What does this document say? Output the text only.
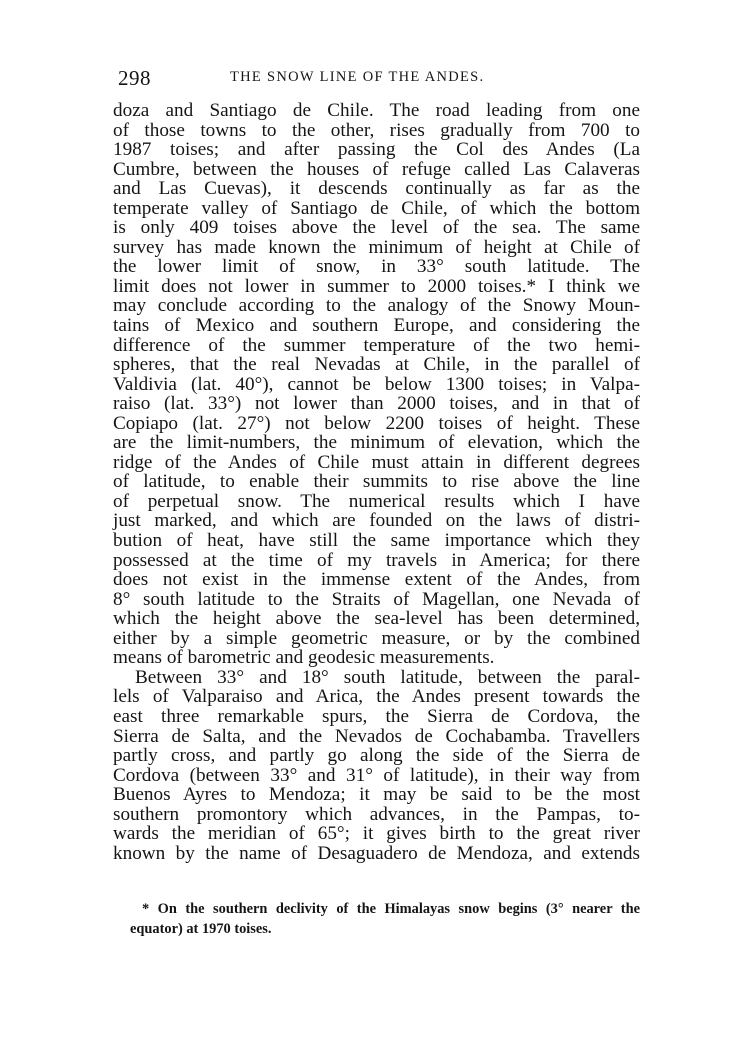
298	THE SNOW LINE OF THE ANDES.
doza and Santiago de Chile. The road leading from one
of those towns to the other, rises gradually from 700 to
1987 toises; and after passing the Col des Andes (La
Cumbre, between the houses of refuge called Las Calaveras
and Las Cuevas), it descends continually as far as the
temperate valley of Santiago de Chile, of which the bottom
is only 409 toises above the level of the sea. The same
survey has made known the minimum of height at Chile of
the lower limit of snow, in 33° south latitude. The
limit does not lower in summer to 2000 toises.* I think we
may conclude according to the analogy of the Snowy Moun-
tains of Mexico and southern Europe, and considering the
difference of the summer temperature of the two hemi-
spheres, that the real Nevadas at Chile, in the parallel of
Valdivia (lat. 40°), cannot be below 1300 toises; in Valpa-
raiso (lat. 33°) not lower than 2000 toises, and in that of
Copiapo (lat. 27°) not below 2200 toises of height. These
are the limit-numbers, the minimum of elevation, which the
ridge of the Andes of Chile must attain in different degrees
of latitude, to enable their summits to rise above the line
of perpetual snow. The numerical results which I have
just marked, and which are founded on the laws of distri-
bution of heat, have still the same importance which they
possessed at the time of my travels in America; for there
does not exist in the immense extent of the Andes, from
8° south latitude to the Straits of Magellan, one Nevada of
which the height above the sea-level has been determined,
either by a simple geometric measure, or by the combined
means of barometric and geodesic measurements.
Between 33° and 18° south latitude, between the paral-
lels of Valparaiso and Arica, the Andes present towards the
east three remarkable spurs, the Sierra de Cordova, the
Sierra de Salta, and the Nevados de Cochabamba. Travellers
partly cross, and partly go along the side of the Sierra de
Cordova (between 33° and 31° of latitude), in their way from
Buenos Ayres to Mendoza; it may be said to be the most
southern promontory which advances, in the Pampas, to-
wards the meridian of 65°; it gives birth to the great river
known by the name of Desaguadero de Mendoza, and extends
* On the southern declivity of the Himalayas snow begins (3° nearer the
equator) at 1970 toises.
